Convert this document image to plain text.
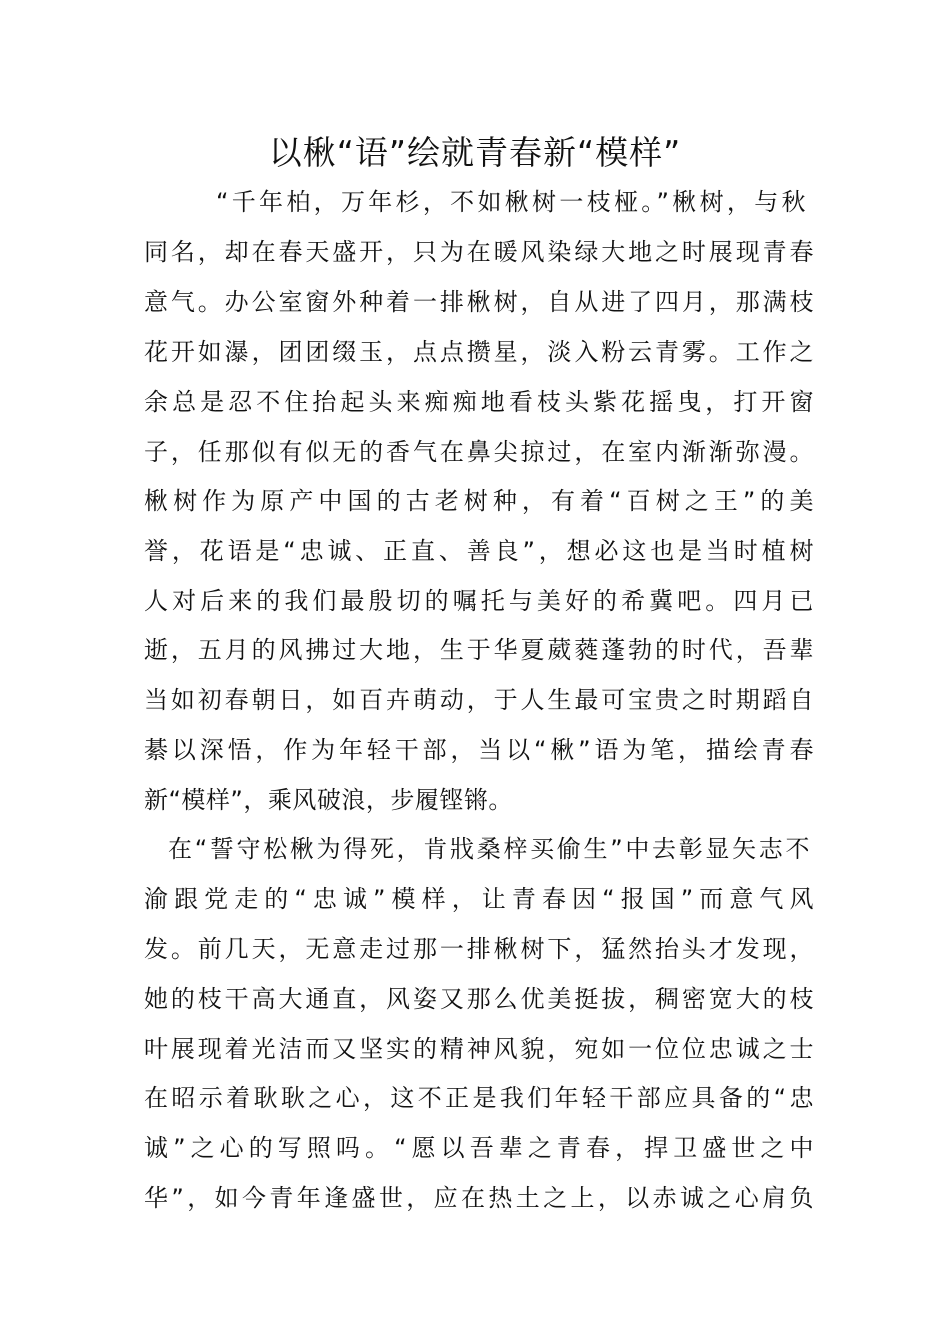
以楸“语”绘就青春新“模样”
“千年柏，万年杉，不如楸树一枝桠。”楸树，与秋
同名，却在春天盛开，只为在暖风染绿大地之时展现青春
意气。办公室窗外种着一排楸树，自从进了四月，那满枝
花开如瀑，团团缀玉，点点攒星，淡入粉云青雾。工作之
余总是忍不住抬起头来痴痴地看枝头紫花摇曳，打开窗
子，任那似有似无的香气在鼻尖掠过，在室内渐渐弥漫。
楸树作为原产中国的古老树种，有着“百树之王”的美
誉，花语是“忠诚、正直、善良”，想必这也是当时植树
人对后来的我们最殷切的嘱托与美好的希冀吧。四月已
逝，五月的风拂过大地，生于华夏葳蕤蓬勃的时代，吾辈
当如初春朝日，如百卉萌动，于人生最可宝贵之时期蹈自
綦以深悟，作为年轻干部，当以“楸”语为笔，描绘青春
新“模样”，乘风破浪，步履铿锵。
在“誓守松楸为得死，肯戕桑梓买偷生”中去彰显矢志不
渝跟党走的“忠诚”模样，让青春因“报国”而意气风
发。前几天，无意走过那一排楸树下，猛然抬头才发现，
她的枝干高大通直，风姿又那么优美挺拔，稠密宽大的枝
叶展现着光洁而又坚实的精神风貌，宛如一位位忠诚之士
在昭示着耿耿之心，这不正是我们年轻干部应具备的“忠
诚”之心的写照吗。“愿以吾辈之青春，捍卫盛世之中
华”，如今青年逢盛世，应在热土之上，以赤诚之心肩负
